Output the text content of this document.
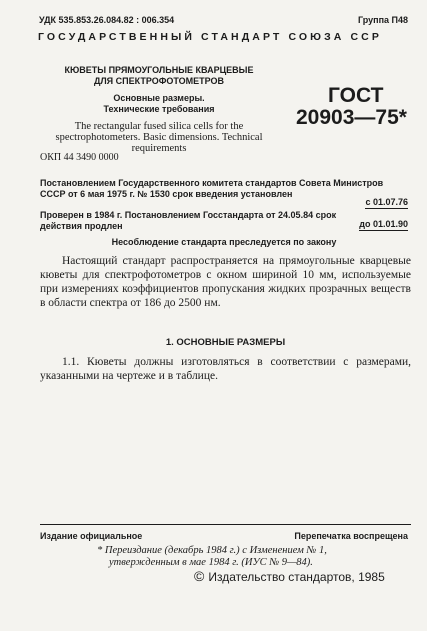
УДК 535.853.26.084.82 : 006.354	Группа П48
ГОСУДАРСТВЕННЫЙ СТАНДАРТ СОЮЗА ССР
КЮВЕТЫ ПРЯМОУГОЛЬНЫЕ КВАРЦЕВЫЕ
ДЛЯ СПЕКТРОФОТОМЕТРОВ
Основные размеры.
Технические требования
The rectangular fused silica cells for the spectrophotometers. Basic dimensions. Technical requirements
ГОСТ
20903—75*
ОКП 44 3490 0000
Постановлением Государственного комитета стандартов Совета Министров СССР от 6 мая 1975 г. № 1530 срок введения установлен
с 01.07.76
Проверен в 1984 г. Постановлением Госстандарта от 24.05.84 срок действия продлен	до 01.01.90
Несоблюдение стандарта преследуется по закону
Настоящий стандарт распространяется на прямоугольные кварцевые кюветы для спектрофотометров с окном шириной 10 мм, используемые при измерениях коэффициентов пропускания жидких прозрачных веществ в области спектра от 186 до 2500 нм.
1. ОСНОВНЫЕ РАЗМЕРЫ
1.1. Кюветы должны изготовляться в соответствии с размерами, указанными на чертеже и в таблице.
Издание официальное	Перепечатка воспрещена
* Переиздание (декабрь 1984 г.) с Изменением № 1,
утвержденным в мае 1984 г. (ИУС № 9—84).
© Издательство стандартов, 1985
